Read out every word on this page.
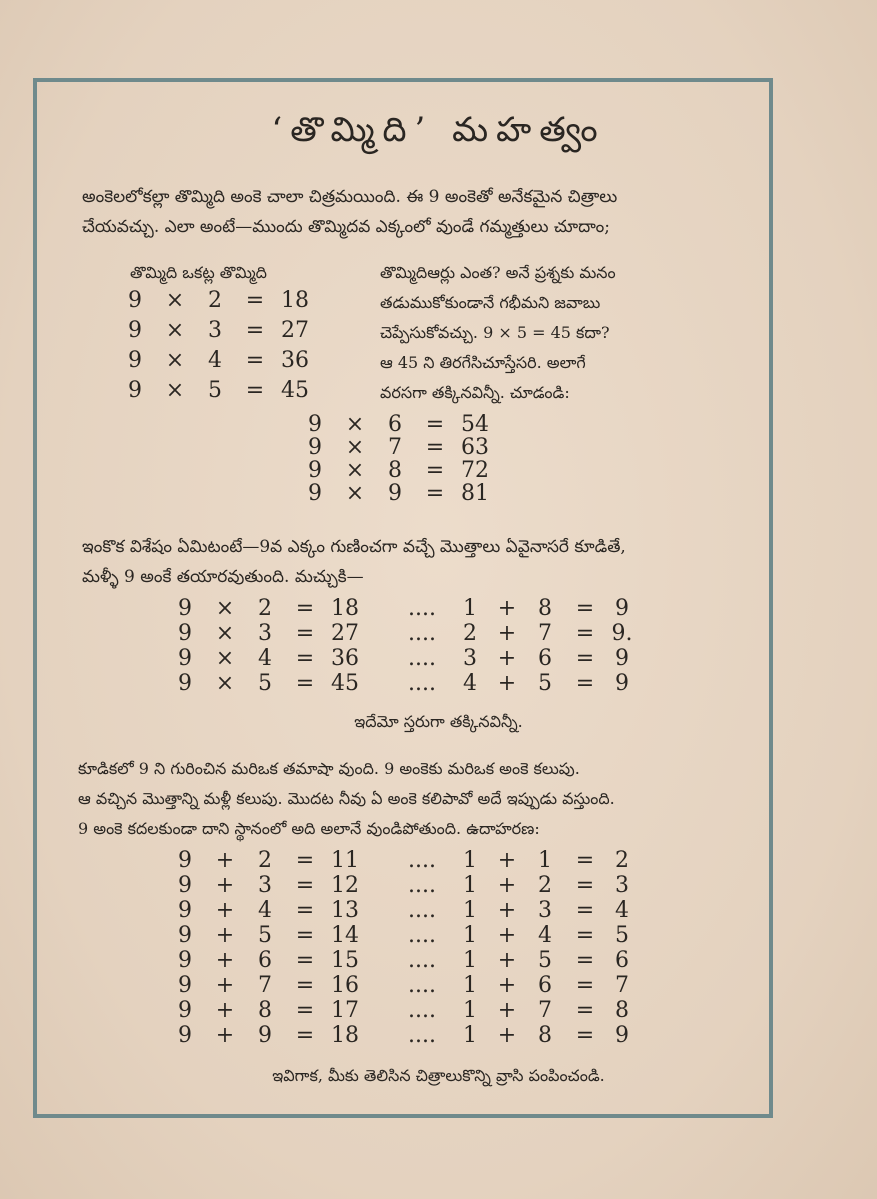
‘తొమ్మిది’ మహత్వం

అంకెలలోకల్లా తొమ్మిది అంకె చాలా చిత్రమయింది. ఈ 9 అంకెతో అనేకమైన చిత్రాలు

చేయవచ్చు. ఎలా అంటే—ముందు తొమ్మిదవ ఎక్కంలో వుండే గమ్మత్తులు చూదాం;

తొమ్మిది ఒకట్ల తొమ్మిది
9	×	2	= 18
9	×	3	= 27
9	×	4	= 36
9	×	5	= 45

తొమ్మిదిఆర్లు ఎంత? అనే ప్రశ్నకు మనం

తడుముకోకుండానే గభీమని జవాబు

చెప్పేసుకోవచ్చు. 9 × 5 = 45 కదా?

ఆ 45 ని తిరగేసిచూస్తేసరి. అలాగే

వరసగా తక్కినవిన్నీ. చూడండి:

9	×	6	= 54
9	×	7	= 63
9	×	8	= 72
9	×	9	= 81

ఇంకొక విశేషం ఏమిటంటే—9వ ఎక్కం గుణించగా వచ్చే మొత్తాలు ఏవైనాసరే కూడితే,

మళ్ళీ 9 అంకే తయారవుతుంది. మచ్చుకి—

9	×	2	= 18	....	1 + 8	= 9
9	×	3	= 27	....	2 + 7	= 9.
9	×	4	= 36	....	3 + 6	= 9
9	×	5	= 45	....	4 + 5	= 9
ఇదేమో స్తరుగా తక్కినవిన్నీ.

కూడికలో 9 ని గురించిన మరిఒక తమాషా వుంది. 9 అంకెకు మరిఒక అంకె కలుపు.

ఆ వచ్చిన మొత్తాన్ని మళ్లీ కలుపు. మొదట నీవు ఏ అంకె కలిపావో అదే ఇప్పుడు వస్తుంది.

9 అంకె కదలకుండా దాని స్థానంలో అది అలానే వుండిపోతుంది. ఉదాహరణ:

9	+	2	= 11	....	1 + 1	= 2
9	+	3	= 12	....	1 + 2	= 3
9	+	4	= 13	....	1 + 3	= 4
9	+	5	= 14	....	1 + 4	= 5
9	+	6	= 15	....	1 + 5	= 6
9	+	7	= 16	....	1 + 6	= 7
9	+	8	= 17	....	1 + 7	= 8
9	+	9	= 18	....	1 + 8	= 9
ఇవిగాక, మీకు తెలిసిన చిత్రాలుకొన్ని వ్రాసి పంపించండి.
